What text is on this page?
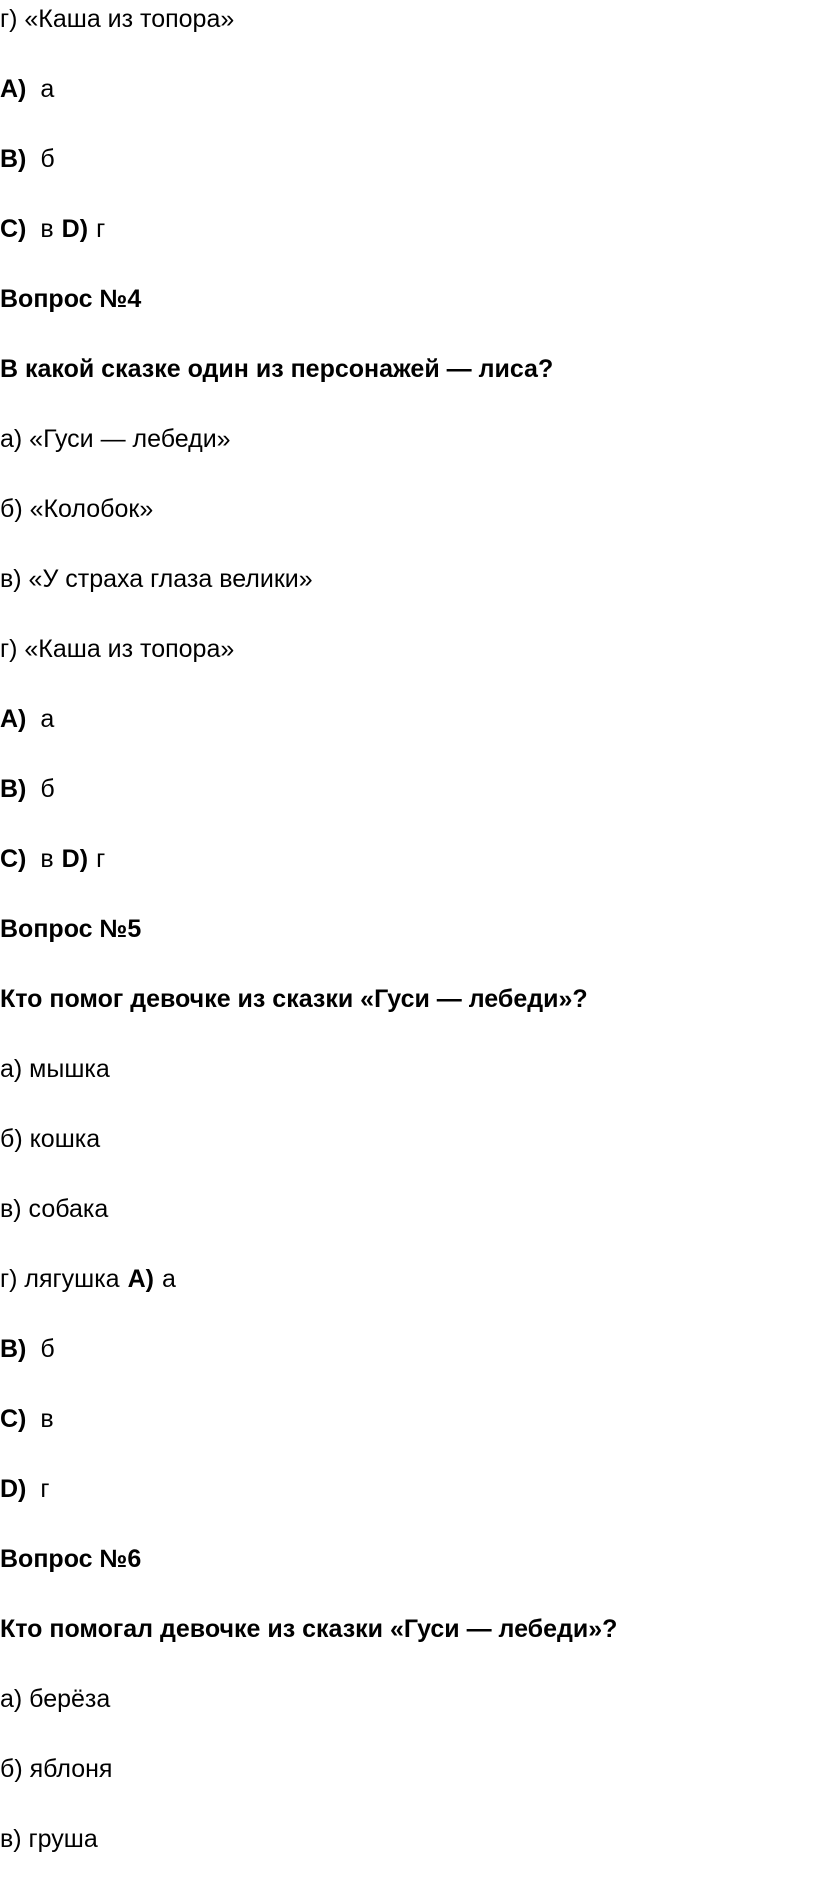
г) «Каша из топора»
A) а
B) б
C) в D) г
Вопрос №4
В какой сказке один из персонажей — лиса?
а) «Гуси — лебеди»
б) «Колобок»
в) «У страха глаза велики»
г) «Каша из топора»
A) а
B) б
C) в D) г
Вопрос №5
Кто помог девочке из сказки «Гуси — лебеди»?
а) мышка
б) кошка
в) собака
г) лягушка A) а
B) б
C) в
D) г
Вопрос №6
Кто помогал девочке из сказки «Гуси — лебеди»?
а) берёза
б) яблоня
в) груша
